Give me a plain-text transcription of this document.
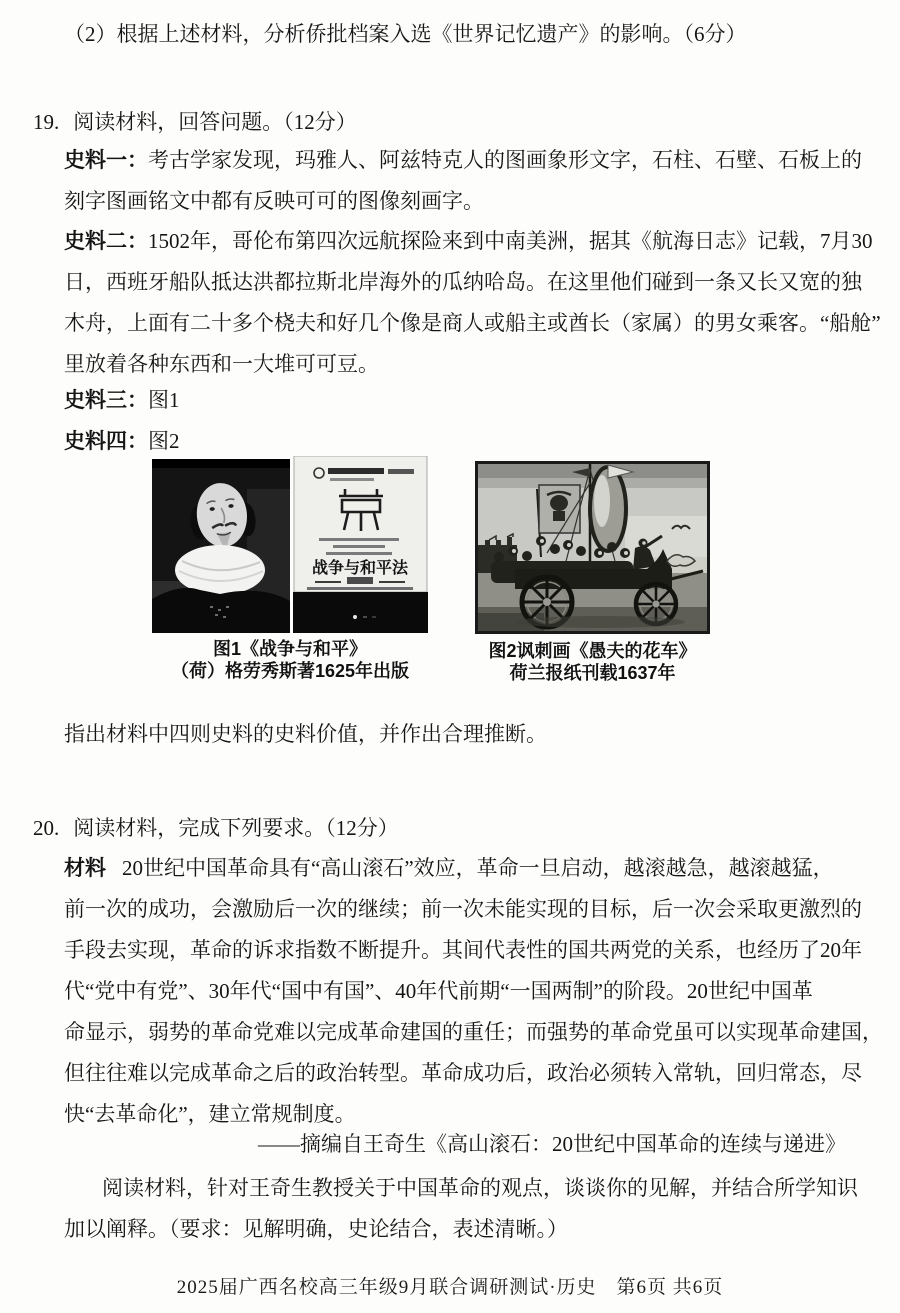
（2）根据上述材料，分析侨批档案入选《世界记忆遗产》的影响。（6分）
19. 阅读材料，回答问题。（12分）
史料一：考古学家发现，玛雅人、阿兹特克人的图画象形文字，石柱、石壁、石板上的
刻字图画铭文中都有反映可可的图像刻画字。
史料二：1502年，哥伦布第四次远航探险来到中南美洲，据其《航海日志》记载，7月30
日，西班牙船队抵达洪都拉斯北岸海外的瓜纳哈岛。在这里他们碰到一条又长又宽的独
木舟，上面有二十多个桡夫和好几个像是商人或船主或酋长（家属）的男女乘客。“船舱”
里放着各种东西和一大堆可可豆。
史料三：图1
史料四：图2
战争与和平法
图1《战争与和平》
（荷）格劳秀斯著1625年出版
图2讽刺画《愚夫的花车》
荷兰报纸刊载1637年
指出材料中四则史料的史料价值，并作出合理推断。
20. 阅读材料，完成下列要求。（12分）
材料 20世纪中国革命具有“高山滚石”效应，革命一旦启动，越滚越急，越滚越猛，
前一次的成功，会激励后一次的继续；前一次未能实现的目标，后一次会采取更激烈的
手段去实现，革命的诉求指数不断提升。其间代表性的国共两党的关系，也经历了20年
代“党中有党”、30年代“国中有国”、40年代前期“一国两制”的阶段。20世纪中国革
命显示，弱势的革命党难以完成革命建国的重任；而强势的革命党虽可以实现革命建国，
但往往难以完成革命之后的政治转型。革命成功后，政治必须转入常轨，回归常态，尽
快“去革命化”，建立常规制度。
——摘编自王奇生《高山滚石：20世纪中国革命的连续与递进》
阅读材料，针对王奇生教授关于中国革命的观点，谈谈你的见解，并结合所学知识
加以阐释。（要求：见解明确，史论结合，表述清晰。）
2025届广西名校高三年级9月联合调研测试·历史　第6页 共6页
